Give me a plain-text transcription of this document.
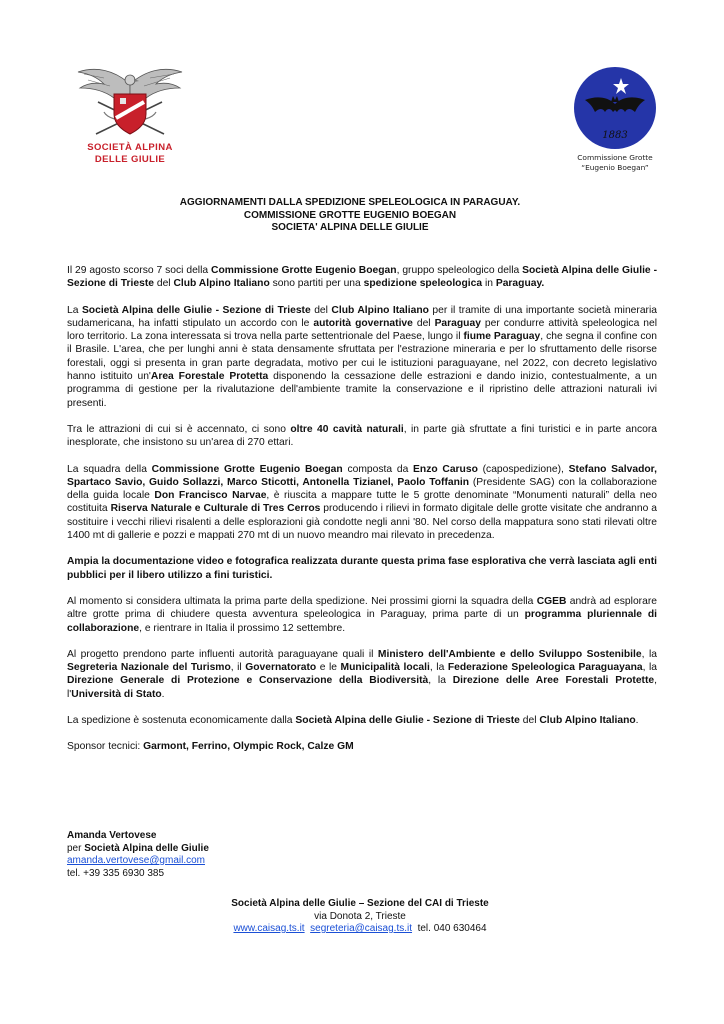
SOCIETÀ ALPINA
DELLE GIULIE
1883
Commissione Grotte
“Eugenio Boegan”
AGGIORNAMENTI DALLA SPEDIZIONE SPELEOLOGICA IN PARAGUAY.
COMMISSIONE GROTTE EUGENIO BOEGAN
SOCIETA' ALPINA DELLE GIULIE

Il 29 agosto scorso 7 soci della Commissione Grotte Eugenio Boegan, gruppo speleologico della Società Alpina delle Giulie - Sezione di Trieste del Club Alpino Italiano sono partiti per una spedizione speleologica in Paraguay.

La Società Alpina delle Giulie - Sezione di Trieste del Club Alpino Italiano per il tramite di una importante società mineraria sudamericana, ha infatti stipulato un accordo con le autorità governative del Paraguay per condurre attività speleologica nel loro territorio. La zona interessata si trova nella parte settentrionale del Paese, lungo il fiume Paraguay, che segna il confine con il Brasile. L'area, che per lunghi anni è stata densamente sfruttata per l'estrazione mineraria e per lo sfruttamento delle risorse forestali, oggi si presenta in gran parte degradata, motivo per cui le istituzioni paraguayane, nel 2022, con decreto legislativo hanno istituito un'Area Forestale Protetta disponendo la cessazione delle estrazioni e dando inizio, contestualmente, a un programma di gestione per la rivalutazione dell'ambiente tramite la conservazione e il ripristino delle attrazioni naturali ivi presenti.

Tra le attrazioni di cui si è accennato, ci sono oltre 40 cavità naturali, in parte già sfruttate a fini turistici e in parte ancora inesplorate, che insistono su un'area di 270 ettari.

La squadra della Commissione Grotte Eugenio Boegan composta da Enzo Caruso (capospedizione), Stefano Salvador, Spartaco Savio, Guido Sollazzi, Marco Sticotti, Antonella Tizianel, Paolo Toffanin (Presidente SAG) con la collaborazione della guida locale Don Francisco Narvae, è riuscita a mappare tutte le 5 grotte denominate “Monumenti naturali” della neo costituita Riserva Naturale e Culturale di Tres Cerros producendo i rilievi in formato digitale delle grotte visitate che andranno a sostituire i vecchi rilievi risalenti a delle esplorazioni già condotte negli anni '80. Nel corso della mappatura sono stati rilevati oltre 1400 mt di gallerie e pozzi e mappati 270 mt di un nuovo meandro mai rilevato in precedenza.

Ampia la documentazione video e fotografica realizzata durante questa prima fase esplorativa che verrà lasciata agli enti pubblici per il libero utilizzo a fini turistici.

Al momento si considera ultimata la prima parte della spedizione. Nei prossimi giorni la squadra della CGEB andrà ad esplorare altre grotte prima di chiudere questa avventura speleologica in Paraguay, prima parte di un programma pluriennale di collaborazione, e rientrare in Italia il prossimo 12 settembre.

Al progetto prendono parte influenti autorità paraguayane quali il Ministero dell'Ambiente e dello Sviluppo Sostenibile, la Segreteria Nazionale del Turismo, il Governatorato e le Municipalità locali, la Federazione Speleologica Paraguayana, la Direzione Generale di Protezione e Conservazione della Biodiversità, la Direzione delle Aree Forestali Protette, l'Università di Stato.

La spedizione è sostenuta economicamente dalla Società Alpina delle Giulie - Sezione di Trieste del Club Alpino Italiano.

Sponsor tecnici: Garmont, Ferrino, Olympic Rock, Calze GM

Amanda Vertovese
per Società Alpina delle Giulie
amanda.vertovese@gmail.com
tel. +39 335 6930 385
Società Alpina delle Giulie – Sezione del CAI di Trieste
via Donota 2, Trieste
www.caisag.ts.it segreteria@caisag.ts.it tel. 040 630464
